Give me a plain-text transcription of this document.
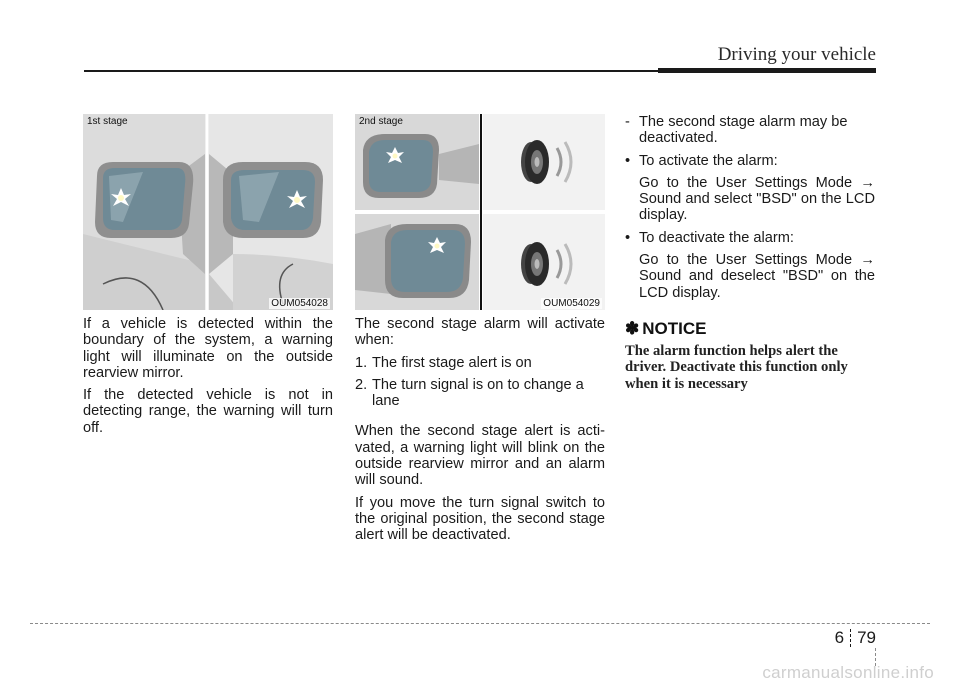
Driving your vehicle
1st stage
OUM054028

If a vehicle is detected within the boundary of the system, a warning light will illuminate on the outside rearview mirror.

If the detected vehicle is not in detecting range, the warning will turn off.

2nd stage
OUM054029

The second stage alarm will activate when:

1. The first stage alert is on
2. The turn signal is on to change a lane

When the second stage alert is acti- vated, a warning light will blink on the outside rearview mirror and an alarm will sound.

If you move the turn signal switch to the original position, the second stage alert will be deactivated.

- The second stage alarm may be deactivated.
• To activate the alarm:
Go to the User Settings Mode → Sound and select "BSD" on the LCD display.
• To deactivate the alarm:
Go to the User Settings Mode → Sound and deselect "BSD" on the LCD display.
✽ NOTICE
The alarm function helps alert the driver. Deactivate this function only when it is necessary
6 79
carmanualsonline.info
